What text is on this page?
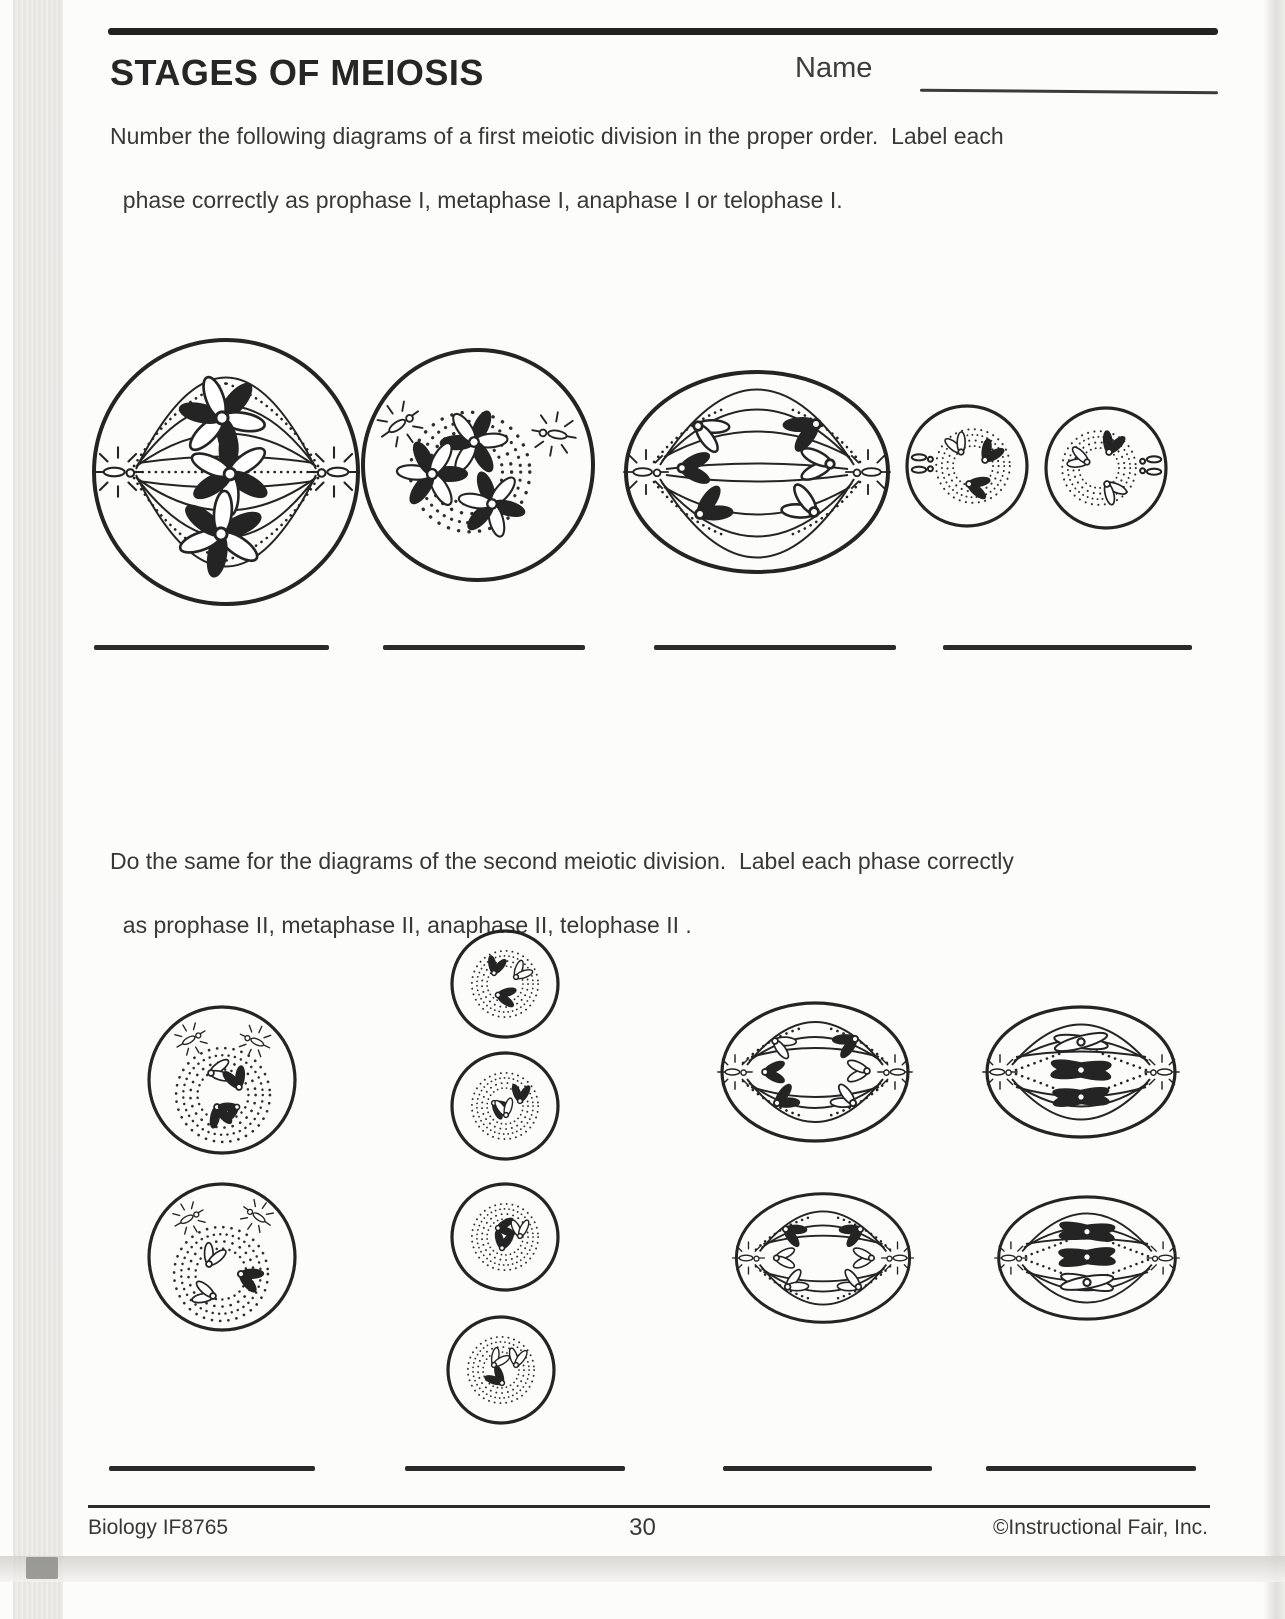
STAGES OF MEIOSIS	Name

Number the following diagrams of a first meiotic division in the proper order.  Label each

phase correctly as prophase I, metaphase I, anaphase I or telophase I.

Do the same for the diagrams of the second meiotic division.  Label each phase correctly

as prophase II, metaphase II, anaphase II, telophase II .

Biology IF8765	30	©Instructional Fair, Inc.
